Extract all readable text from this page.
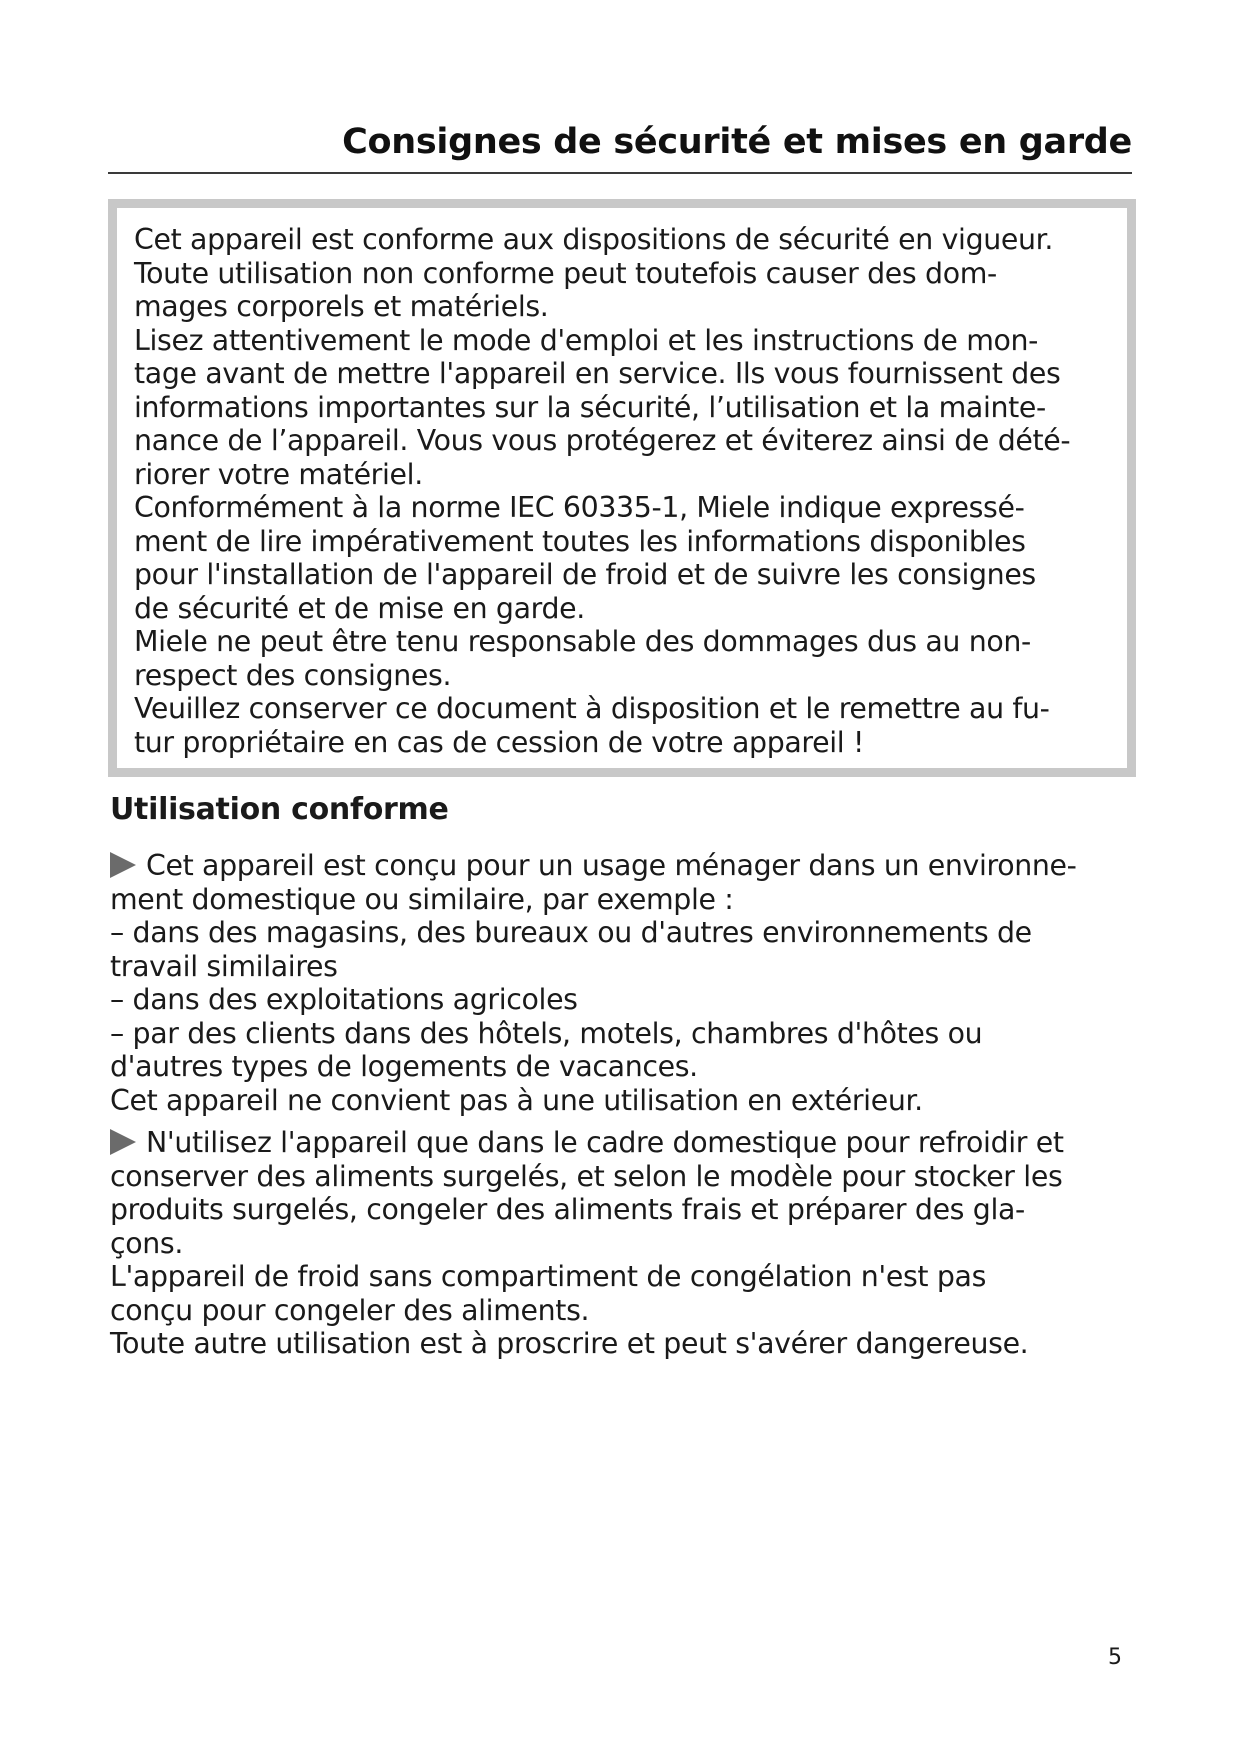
Consignes de sécurité et mises en garde

Cet appareil est conforme aux dispositions de sécurité en vigueur.
Toute utilisation non conforme peut toutefois causer des dom-
mages corporels et matériels.
Lisez attentivement le mode d'emploi et les instructions de mon-
tage avant de mettre l'appareil en service. Ils vous fournissent des
informations importantes sur la sécurité, l’utilisation et la mainte-
nance de l’appareil. Vous vous protégerez et éviterez ainsi de dété-
riorer votre matériel.
Conformément à la norme IEC 60335-1, Miele indique expressé-
ment de lire impérativement toutes les informations disponibles
pour l'installation de l'appareil de froid et de suivre les consignes
de sécurité et de mise en garde.
Miele ne peut être tenu responsable des dommages dus au non-
respect des consignes.
Veuillez conserver ce document à disposition et le remettre au fu-
tur propriétaire en cas de cession de votre appareil !

Utilisation conforme

Cet appareil est conçu pour un usage ménager dans un environne-
ment domestique ou similaire, par exemple :
– dans des magasins, des bureaux ou d'autres environnements de
travail similaires
– dans des exploitations agricoles
– par des clients dans des hôtels, motels, chambres d'hôtes ou
d'autres types de logements de vacances.
Cet appareil ne convient pas à une utilisation en extérieur.

N'utilisez l'appareil que dans le cadre domestique pour refroidir et
conserver des aliments surgelés, et selon le modèle pour stocker les
produits surgelés, congeler des aliments frais et préparer des gla-
çons.
L'appareil de froid sans compartiment de congélation n'est pas
conçu pour congeler des aliments.
Toute autre utilisation est à proscrire et peut s'avérer dangereuse.

5
